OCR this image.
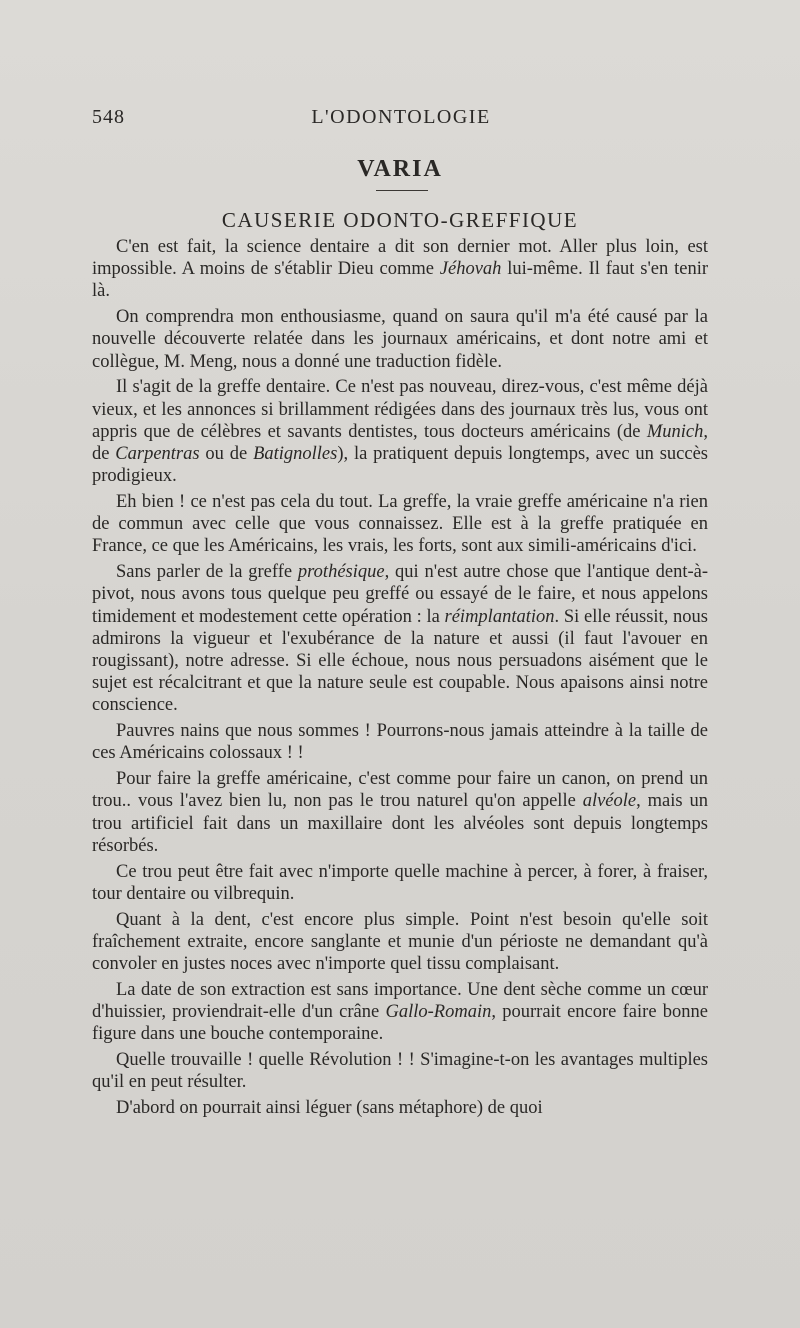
548	L'ODONTOLOGIE
VARIA
CAUSERIE ODONTO-GREFFIQUE

C'en est fait, la science dentaire a dit son dernier mot. Aller plus loin, est impossible. A moins de s'établir Dieu comme Jéhovah lui-même. Il faut s'en tenir là.

On comprendra mon enthousiasme, quand on saura qu'il m'a été causé par la nouvelle découverte relatée dans les journaux américains, et dont notre ami et collègue, M. Meng, nous a donné une traduction fidèle.

Il s'agit de la greffe dentaire. Ce n'est pas nouveau, direz-vous, c'est même déjà vieux, et les annonces si brillamment rédigées dans des journaux très lus, vous ont appris que de célèbres et savants dentistes, tous docteurs américains (de Munich, de Carpentras ou de Batignolles), la pratiquent depuis longtemps, avec un succès prodigieux.

Eh bien ! ce n'est pas cela du tout. La greffe, la vraie greffe américaine n'a rien de commun avec celle que vous connaissez. Elle est à la greffe pratiquée en France, ce que les Américains, les vrais, les forts, sont aux simili-américains d'ici.

Sans parler de la greffe prothésique, qui n'est autre chose que l'antique dent-à-pivot, nous avons tous quelque peu greffé ou essayé de le faire, et nous appelons timidement et modestement cette opération : la réimplantation. Si elle réussit, nous admirons la vigueur et l'exubérance de la nature et aussi (il faut l'avouer en rougissant), notre adresse. Si elle échoue, nous nous persuadons aisément que le sujet est récalcitrant et que la nature seule est coupable. Nous apaisons ainsi notre conscience.

Pauvres nains que nous sommes ! Pourrons-nous jamais atteindre à la taille de ces Américains colossaux ! !

Pour faire la greffe américaine, c'est comme pour faire un canon, on prend un trou.. vous l'avez bien lu, non pas le trou naturel qu'on appelle alvéole, mais un trou artificiel fait dans un maxillaire dont les alvéoles sont depuis longtemps résorbés.

Ce trou peut être fait avec n'importe quelle machine à percer, à forer, à fraiser, tour dentaire ou vilbrequin.

Quant à la dent, c'est encore plus simple. Point n'est besoin qu'elle soit fraîchement extraite, encore sanglante et munie d'un périoste ne demandant qu'à convoler en justes noces avec n'importe quel tissu complaisant.

La date de son extraction est sans importance. Une dent sèche comme un cœur d'huissier, proviendrait-elle d'un crâne Gallo-Romain, pourrait encore faire bonne figure dans une bouche contemporaine.

Quelle trouvaille ! quelle Révolution ! ! S'imagine-t-on les avantages multiples qu'il en peut résulter.

D'abord on pourrait ainsi léguer (sans métaphore) de quoi
